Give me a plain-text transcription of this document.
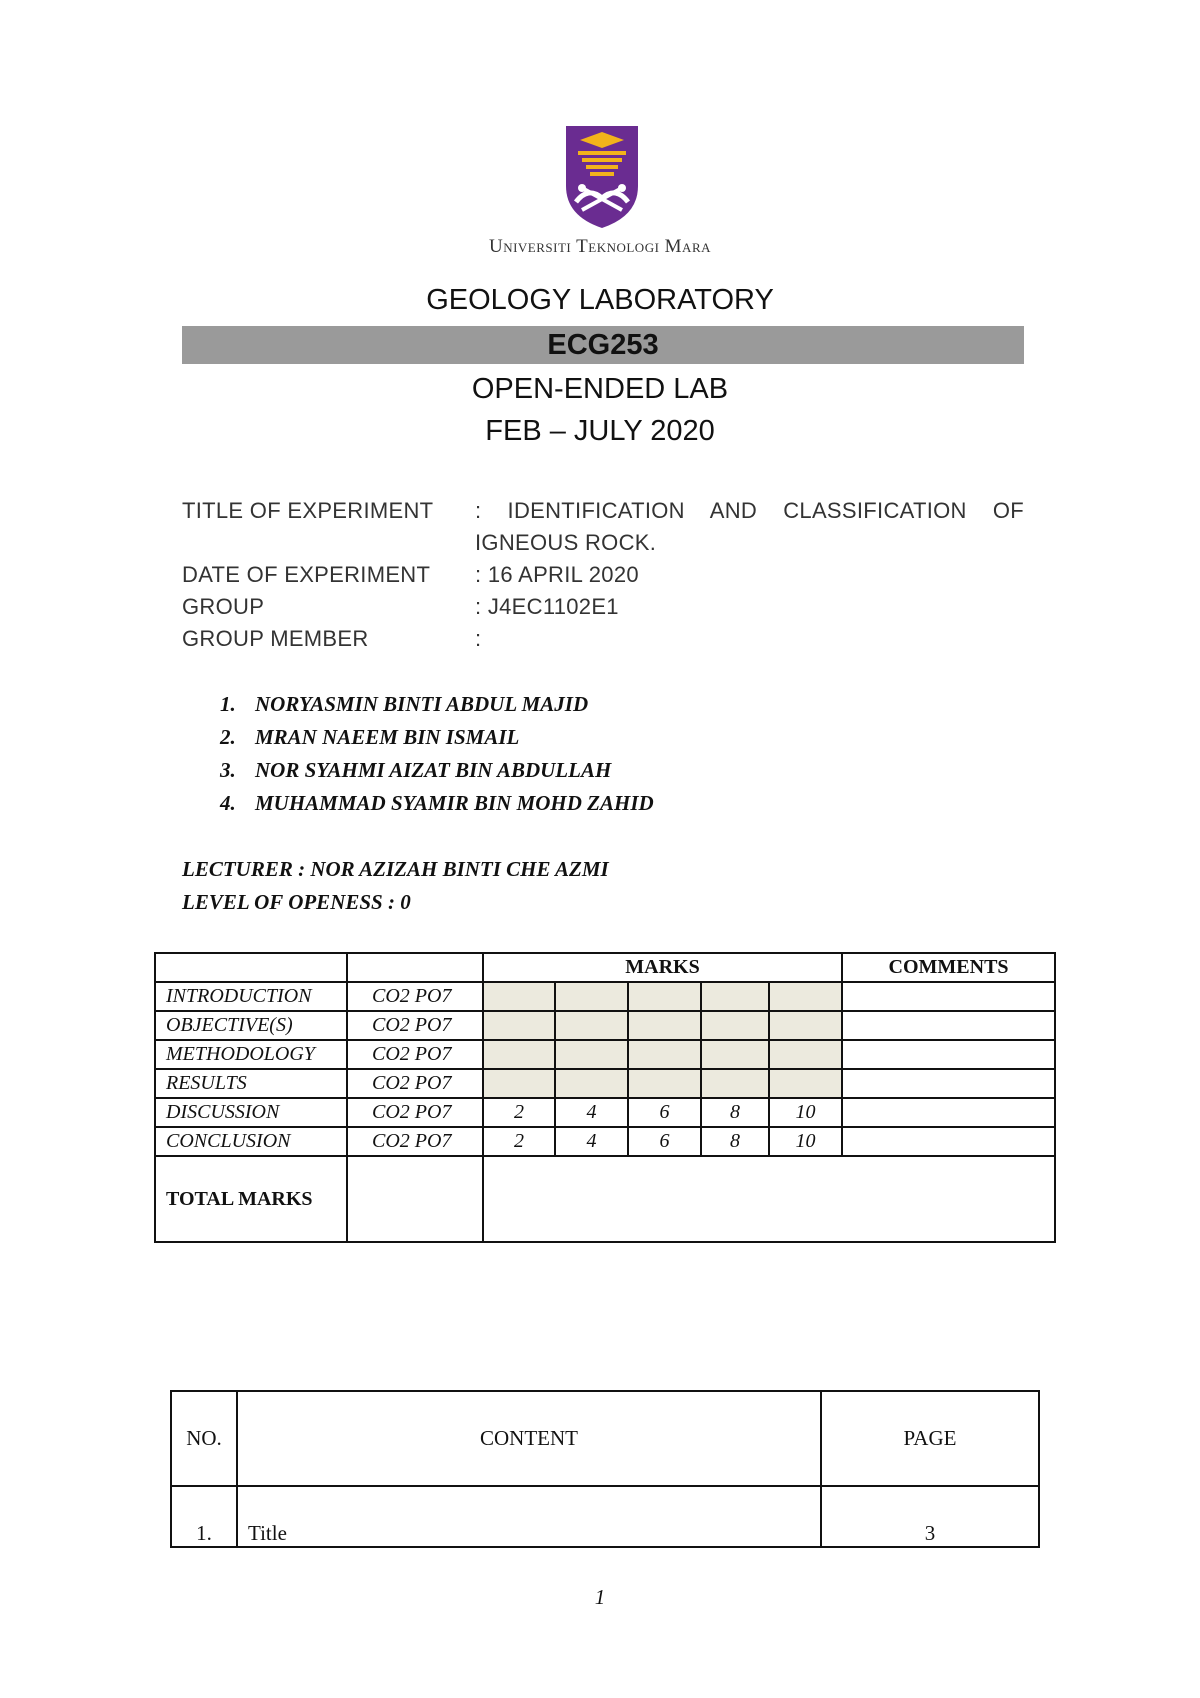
Universiti Teknologi Mara
GEOLOGY LABORATORY
ECG253
OPEN-ENDED LAB
FEB – JULY 2020
TITLE OF EXPERIMENT : IDENTIFICATION AND CLASSIFICATION OF
IGNEOUS ROCK.
DATE OF EXPERIMENT : 16 APRIL 2020
GROUP	: J4EC1102E1
GROUP MEMBER	:
1. NORYASMIN BINTI ABDUL MAJID
2. MRAN NAEEM BIN ISMAIL
3. NOR SYAHMI AIZAT BIN ABDULLAH
4. MUHAMMAD SYAMIR BIN MOHD ZAHID
LECTURER : NOR AZIZAH BINTI CHE AZMI
LEVEL OF OPENESS : 0
		MARKS					COMMENTS
INTRODUCTION	CO2 PO7						
OBJECTIVE(S)	CO2 PO7						
METHODOLOGY	CO2 PO7						
RESULTS	CO2 PO7						
DISCUSSION	CO2 PO7	2	4	6	8	10	
CONCLUSION	CO2 PO7	2	4	6	8	10	
TOTAL MARKS							
NO.	CONTENT	PAGE
1.	Title	3
1
